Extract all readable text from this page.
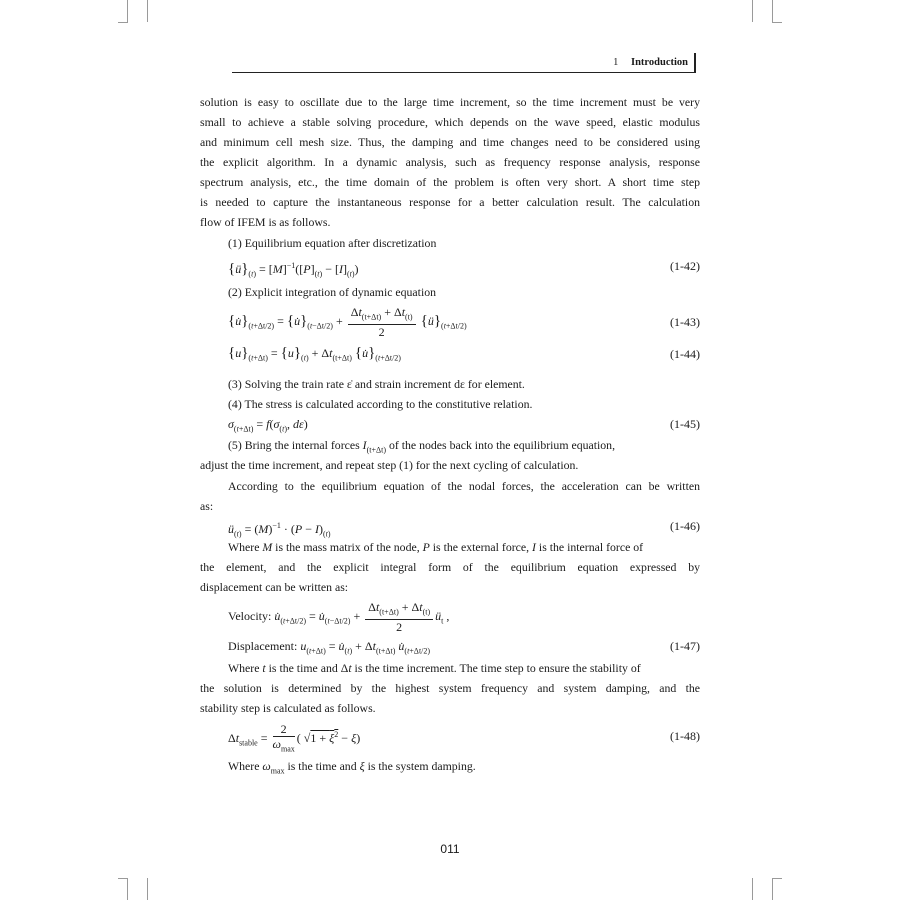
1 Introduction
solution is easy to oscillate due to the large time increment, so the time increment must be very
small to achieve a stable solving procedure, which depends on the wave speed, elastic modulus
and minimum cell mesh size. Thus, the damping and time changes need to be considered using
the explicit algorithm. In a dynamic analysis, such as frequency response analysis, response
spectrum analysis, etc., the time domain of the problem is often very short. A short time step
is needed to capture the instantaneous response for a better calculation result. The calculation
flow of IFEM is as follows.
(1) Equilibrium equation after discretization
$\{ü\}_{(t)} = [M]^{-1}([P]_{(t)} - [I]_{(t)})$	(1-42)
(2) Explicit integration of dynamic equation
$\{u̇\}_{(t+\Delta t/2)}$ = $\{u̇\}_{(t-\Delta t/2)} + \frac{\Delta t_{(t+\Delta t)} + \Delta t_{(t)}}{2}$ $\{ü\}_{(t+\Delta t/2)}$	(1-43)
$\{u\}_{(t+\Delta t)} = \{u\}_{(t)} + \Delta t_{(t+\Delta t)}$ $\{u̇\}_{(t+\Delta t/2)}$	(1-44)
(3) Solving the train rate ε̇ and strain increment dε for element.
(4) The stress is calculated according to the constitutive relation.
$\sigma_{(t+\Delta t)} = f(\sigma_{(t)}$, dε)	(1-45)
(5) Bring the internal forces $I_{(t+\Delta t)}$ of the nodes back into the equilibrium equation,
adjust the time increment, and repeat step (1) for the next cycling of calculation.
According to the equilibrium equation of the nodal forces, the acceleration can be written
as:
$ü_{(t)} = (M)^{-1} \cdot (P - I)_{(t)}$
(1-46)
Where M is the mass matrix of the node, P is the external force, I is the internal force of
the element, and the explicit integral form of the equilibrium equation expressed by
displacement can be written as:
Velocity: $u̇_{(t+\Delta t/2)}$ = $u̇_{(t-\Delta t/2)} + \frac{\Delta t_{(t+\Delta t)} + \Delta t_{(t)}}{2}$ $ü_t$ ,
Displacement: $u_{(t+\Delta t)}$ = $u̇_{(t)} + \Delta t_{(t+\Delta t)}$ $u̇_{(t+\Delta t/2)}$	(1-47)
Where t is the time and Δt is the time increment. The time step to ensure the stability of
the solution is determined by the highest system frequency and system damping, and the
stability step is calculated as follows.
$\Delta t_{stable} = \frac{2}{\omega_{max}}$ ( $√1 + \xi^2 - \xi$)	(1-48)
Where $\omega_{max}$ is the time and ξ is the system damping.
011
